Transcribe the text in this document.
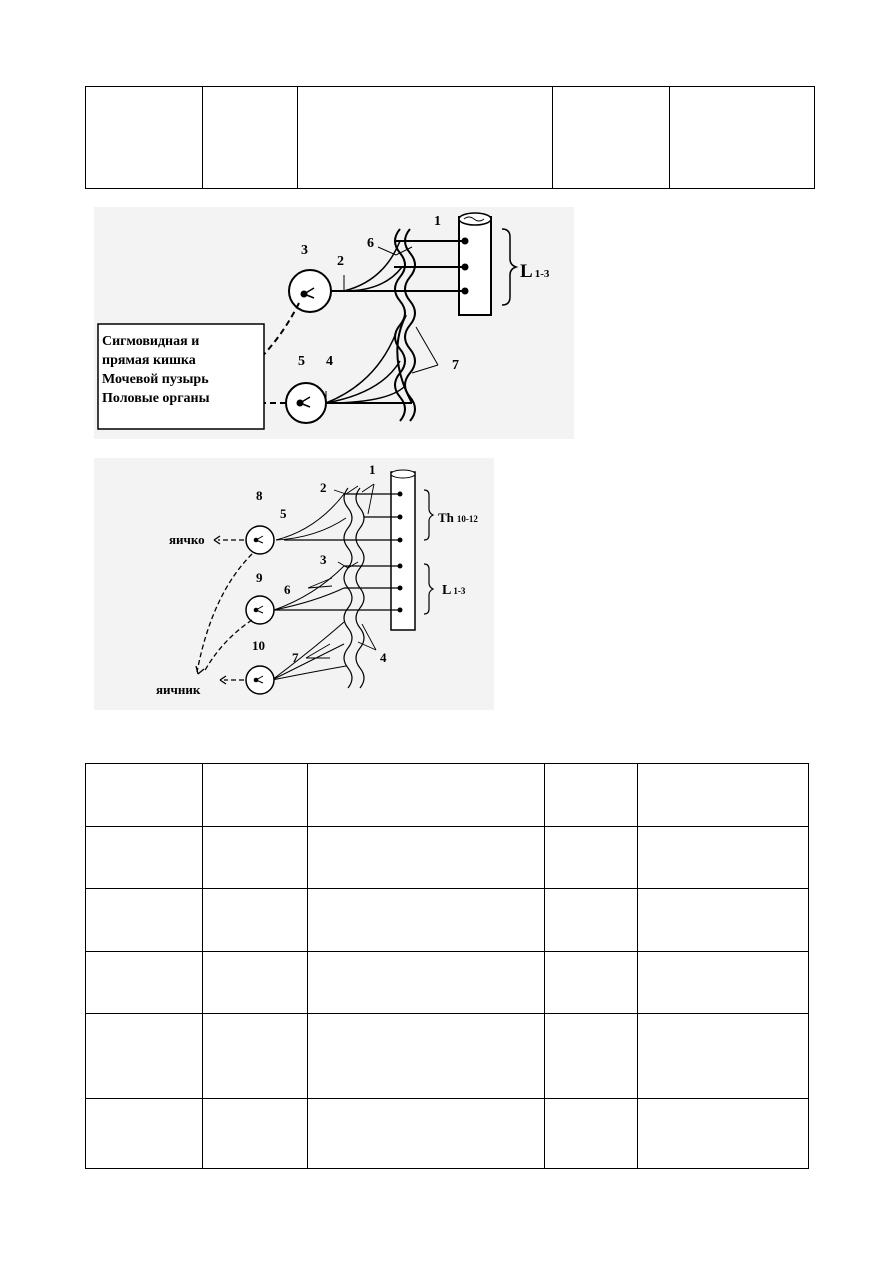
Сигмовидная и
прямая кишка
Мочевой пузырь
Половые органы
1
2
3
4
5
6
7
L 1-3
яичко
яичник
1
2
3
4
5
6
7
8
9
10
Th 10-12
L 1-3
